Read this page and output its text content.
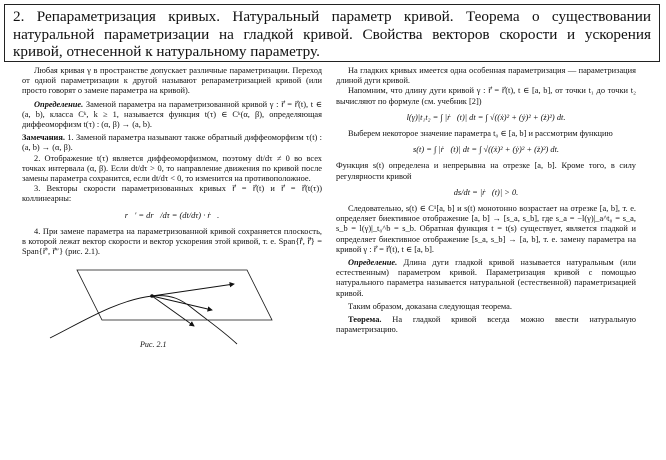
2. Репараметризация кривых. Натуральный параметр кривой. Теорема о существовании натуральной параметризации на гладкой кривой. Свойства векторов скорости и ускорения кривой, отнесенной к натуральному параметру.

Любая кривая γ в пространстве допускает различные параметризации. Переход от одной параметризации к другой называют репараметризацией кривой (или просто говорят о замене параметра на кривой).

Определение. Заменой параметра на параметризованной кривой γ : r⃗ = r⃗(t), t ∈ (a, b), класса Cᵏ, k ≥ 1, называется функция t(τ) ∈ Cᵏ(α, β), определяющая диффеоморфизм t(τ) : (α, β) → (a, b).

Замечания. 1. Заменой параметра называют также обратный диффеоморфизм τ(t) : (a, b) → (α, β).

2. Отображение t(τ) является диффеоморфизмом, поэтому dt/dτ ≠ 0 во всех точках интервала (α, β). Если dt/dτ > 0, то направление движения по кривой после замены параметра сохранится, если dt/dτ < 0, то изменится на противоположное.

3. Векторы скорости параметризованных кривых r⃗ = r⃗(t) и r⃗ = r⃗(t(τ)) коллинеарны:

r⃗′ = dr⃗/dτ = (dt/dτ) · ṙ⃗.

4. При замене параметра на параметризованной кривой сохраняется плоскость, в которой лежат вектор скорости и вектор ускорения этой кривой, т. е. Span{ṙ⃗, r̈⃗} = Span{r⃗′, r⃗″} (рис. 2.1).

Рис. 2.1

На гладких кривых имеется одна особенная параметризация — параметризация длиной дуги кривой.

Напомним, что длину дуги кривой γ : r⃗ = r⃗(t), t ∈ [a, b], от точки t₁ до точки t₂ вычисляют по формуле (см. учебник [2])

l(γ)|t₁t₂ = ∫ |ṙ⃗(t)| dt = ∫ √((ẋ)² + (ẏ)² + (ż)²) dt.

Выберем некоторое значение параметра t₀ ∈ [a, b] и рассмотрим функцию

s(t) = ∫ |ṙ⃗(t)| dt = ∫ √((ẋ)² + (ẏ)² + (ż)²) dt.

Функция s(t) определена и непрерывна на отрезке [a, b]. Кроме того, в силу регулярности кривой

ds/dt = |ṙ⃗(t)| > 0.

Следовательно, s(t) ∈ C¹[a, b] и s(t) монотонно возрастает на отрезке [a, b], т. е. определяет биективное отображение [a, b] → [s_a, s_b], где s_a = −l(γ)|_a^t₀ = s_a, s_b = l(γ)|_t₀^b = s_b. Обратная функция t = t(s) существует, является гладкой и определяет биективное отображение [s_a, s_b] → [a, b], т. е. замену параметра на кривой γ : r⃗ = r⃗(t), t ∈ [a, b].

Определение. Длина дуги гладкой кривой называется натуральным (или естественным) параметром кривой. Параметризация кривой с помощью натурального параметра называется натуральной (естественной) параметризацией кривой.

Таким образом, доказана следующая теорема.

Теорема. На гладкой кривой всегда можно ввести натуральную параметризацию.
